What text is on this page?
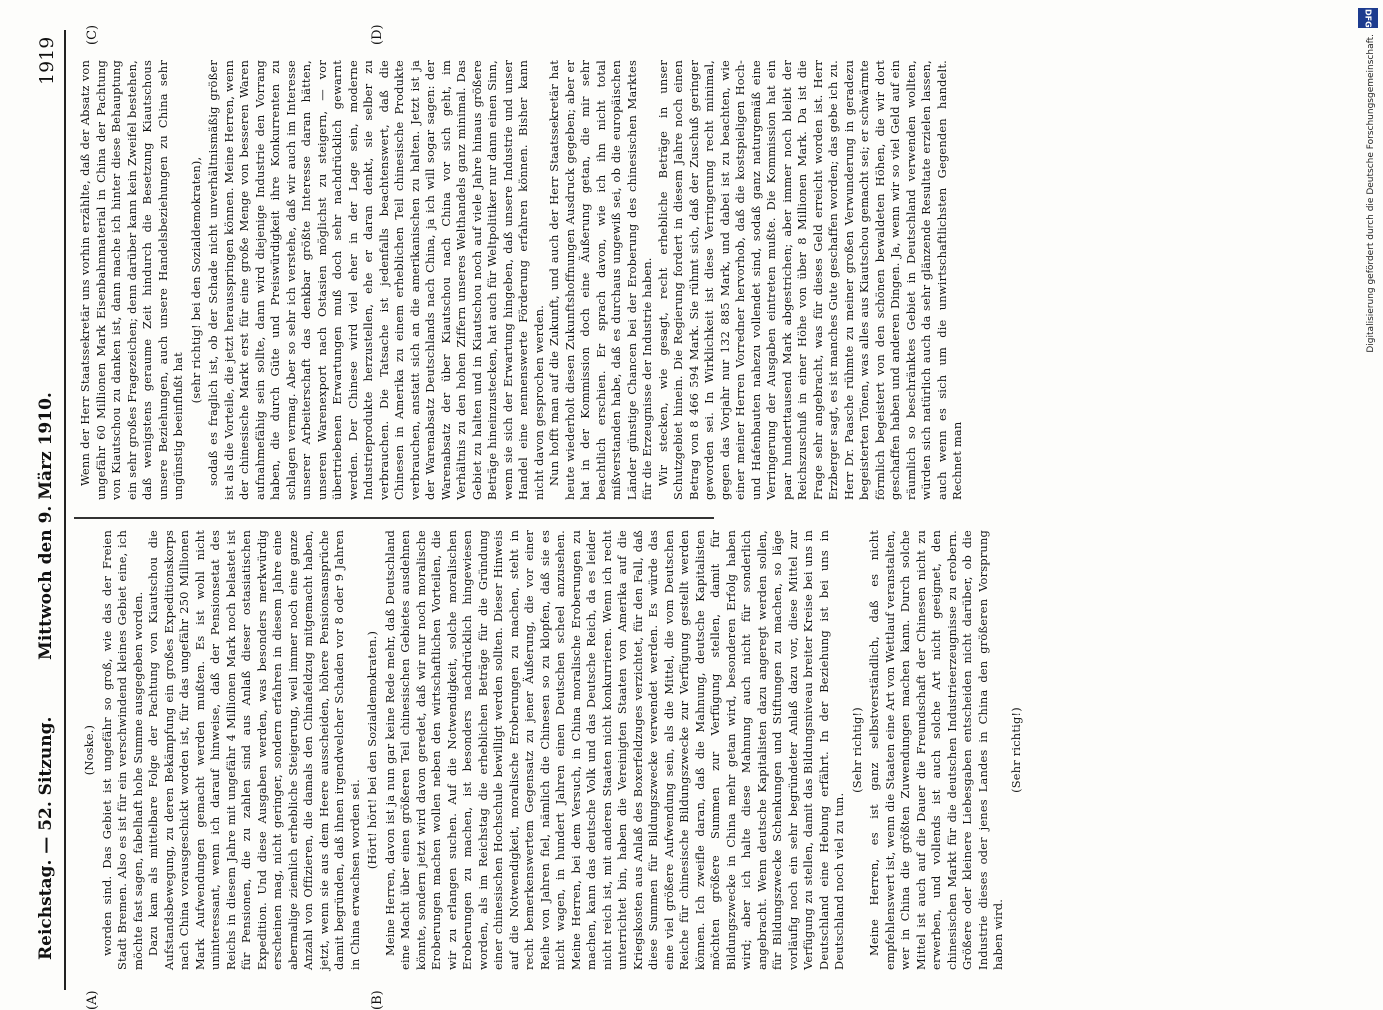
Reichstag. — 52. Sitzung.
Mittwoch den 9. März 1910.
1919
(A)	(B)
(C)	(D)

(Noske.) worden sind. Das Gebiet ist ungefähr so groß, wie das der Freien Stadt Bremen. Also es ist für ein verschwindend kleines Gebiet eine, ich möchte fast sagen, fabelhaft hohe Summe ausgegeben worden. Dazu kam als mittelbare Folge der Pachtung von Kiautschou die Aufstandsbewegung, zu deren Bekämpfung ein großes Expeditionskorps nach China vorausgeschickt worden ist, für das ungefähr 250 Millionen Mark Aufwendungen gemacht werden mußten. Es ist wohl nicht uninteressant, wenn ich darauf hinweise, daß der Pensionsetat des Reichs in diesem Jahre mit ungefähr 4 Millionen Mark noch belastet ist für Pensionen, die zu zahlen sind aus Anlaß dieser ostasiatischen Expedition. Und diese Ausgaben werden, was besonders merkwürdig erscheinen mag, nicht geringer, sondern erfahren in diesem Jahre eine abermalige ziemlich erhebliche Steigerung, weil immer noch eine ganze Anzahl von Offizieren, die damals den Chinafeldzug mitgemacht haben, jetzt, wenn sie aus dem Heere ausscheiden, höhere Pensionsansprüche damit begründen, daß ihnen irgendwelcher Schaden vor 8 oder 9 Jahren in China erwachsen worden sei.

(Hört! hört! bei den Sozialdemokraten.) Meine Herren, davon ist ja nun gar keine Rede mehr, daß Deutschland eine Macht über einen größeren Teil chinesischen Gebietes ausdehnen könnte, sondern jetzt wird davon geredet, daß wir nur noch moralische Eroberungen machen wollen neben den wirtschaftlichen Vorteilen, die wir zu erlangen suchen. Auf die Notwendigkeit, solche moralischen Eroberungen zu machen, ist besonders nachdrücklich hingewiesen worden, als im Reichstag die erheblichen Beträge für die Gründung einer chinesischen Hochschule bewilligt werden sollten. Dieser Hinweis auf die Notwendigkeit, moralische Eroberungen zu machen, steht in recht bemerkenswertem Gegensatz zu jener Äußerung, die vor einer Reihe von Jahren fiel, nämlich die Chinesen so zu klopfen, daß sie es nicht wagen, in hundert Jahren einen Deutschen scheel anzusehen. Meine Herren, bei dem Versuch, in China moralische Eroberungen zu machen, kann das deutsche Volk und das Deutsche Reich, da es leider nicht reich ist, mit anderen Staaten nicht konkurrieren. Wenn ich recht unterrichtet bin, haben die Vereinigten Staaten von Amerika auf die Kriegskosten aus Anlaß des Boxerfeldzuges verzichtet, für den Fall, daß diese Summen für Bildungszwecke verwendet werden. Es würde das eine viel größere Aufwendung sein, als die Mittel, die vom Deutschen Reiche für chinesische Bildungszwecke zur Verfügung gestellt werden können. Ich zweifle daran, daß die Mahnung, deutsche Kapitalisten möchten größere Summen zur Verfügung stellen, damit für Bildungszwecke in China mehr getan wird, besonderen Erfolg haben wird; aber ich halte diese Mahnung auch nicht für sonderlich angebracht. Wenn deutsche Kapitalisten dazu angeregt werden sollen, für Bildungszwecke Schenkungen und Stiftungen zu machen, so läge vorläufig noch ein sehr begründeter Anlaß dazu vor, diese Mittel zur Verfügung zu stellen, damit das Bildungsniveau breiter Kreise bei uns in Deutschland eine Hebung erfährt. In der Beziehung ist bei uns in Deutschland noch viel zu tun.

(Sehr richtig!) Meine Herren, es ist ganz selbstverständlich, daß es nicht empfehlenswert ist, wenn die Staaten eine Art von Wettlauf veranstalten, wer in China die größten Zuwendungen machen kann. Durch solche Mittel ist auch auf die Dauer die Freundschaft der Chinesen nicht zu erwerben, und vollends ist auch solche Art nicht geeignet, den chinesischen Markt für die deutschen Industrieerzeugnisse zu erobern. Größere oder kleinere Liebesgaben entscheiden nicht darüber, ob die Industrie dieses oder jenes Landes in China den größeren Vorsprung haben wird.

(Sehr richtig!)

Wenn der Herr Staatssekretär uns vorhin erzählte, daß der Absatz von ungefähr 60 Millionen Mark Eisenbahnmaterial in China der Pachtung von Kiautschou zu danken ist, dann mache ich hinter diese Behauptung ein sehr großes Fragezeichen; denn darüber kann kein Zweifel bestehen, daß wenigstens geraume Zeit hindurch die Besetzung Kiautschous unsere Beziehungen, auch unsere Handelsbeziehungen zu China sehr ungünstig beeinflußt hat

(sehr richtig! bei den Sozialdemokraten), sodaß es fraglich ist, ob der Schade nicht unverhältnismäßig größer ist als die Vorteile, die jetzt herausspringen können. Meine Herren, wenn der chinesische Markt erst für eine große Menge von besseren Waren aufnahmefähig sein sollte, dann wird diejenige Industrie den Vorrang haben, die durch Güte und Preiswürdigkeit ihre Konkurrenten zu schlagen vermag. Aber so sehr ich verstehe, daß wir auch im Interesse unserer Arbeiterschaft das denkbar größte Interesse daran hätten, unseren Warenexport nach Ostasien möglichst zu steigern, — vor übertriebenen Erwartungen muß doch sehr nachdrücklich gewarnt werden. Der Chinese wird viel eher in der Lage sein, moderne Industrieprodukte herzustellen, ehe er daran denkt, sie selber zu verbrauchen. Die Tatsache ist jedenfalls beachtenswert, daß die Chinesen in Amerika zu einem erheblichen Teil chinesische Produkte verbrauchen, anstatt sich an die amerikanischen zu halten. Jetzt ist ja der Warenabsatz Deutschlands nach China, ja ich will sogar sagen: der Warenabsatz der über Kiautschou nach China vor sich geht, im Verhältnis zu den hohen Ziffern unseres Welthandels ganz minimal. Das Gebiet zu halten und in Kiautschou noch auf viele Jahre hinaus größere Beträge hineinzustecken, hat auch für Weltpolitiker nur dann einen Sinn, wenn sie sich der Erwartung hingeben, daß unsere Industrie und unser Handel eine nennenswerte Förderung erfahren können. Bisher kann nicht davon gesprochen werden. Nun hofft man auf die Zukunft, und auch der Herr Staatssekretär hat heute wiederholt diesen Zukunftshoffnungen Ausdruck gegeben; aber er hat in der Kommission doch eine Äußerung getan, die mir sehr beachtlich erschien. Er sprach davon, wie ich ihn nicht total mißverstanden habe, daß es durchaus ungewiß sei, ob die europäischen Länder günstige Chancen bei der Eroberung des chinesischen Marktes für die Erzeugnisse der Industrie haben. Wir stecken, wie gesagt, recht erhebliche Beträge in unser Schutzgebiet hinein. Die Regierung fordert in diesem Jahre noch einen Betrag von 8 466 594 Mark. Sie rühmt sich, daß der Zuschuß geringer geworden sei. In Wirklichkeit ist diese Verringerung recht minimal, gegen das Vorjahr nur 132 885 Mark, und dabei ist zu beachten, wie einer meiner Herren Vorredner hervorhob, daß die kostspieligen Hoch- und Hafenbauten nahezu vollendet sind, sodaß ganz naturgemäß eine Verringerung der Ausgaben eintreten mußte. Die Kommission hat ein paar hunderttausend Mark abgestrichen; aber immer noch bleibt der Reichszuschuß in einer Höhe von über 8 Millionen Mark. Da ist die Frage sehr angebracht, was für dieses Geld erreicht worden ist. Herr Erzberger sagt, es ist manches Gute geschaffen worden; das gebe ich zu. Herr Dr. Paasche rühmte zu meiner großen Verwunderung in geradezu begeisterten Tönen, was alles aus Kiautschou gemacht sei; er schwärmte förmlich begeistert von den schönen bewaldeten Höhen, die wir dort geschaffen haben und anderen Dingen. Ja, wenn wir so viel Geld auf ein räumlich so beschränktes Gebiet in Deutschland verwenden wollten, würden sich natürlich auch da sehr glänzende Resultate erzielen lassen, auch wenn es sich um die unwirtschaftlichsten Gegenden handelt. Rechnet man

DFG
Digitalisierung gefördert durch die Deutsche Forschungsgemeinschaft.
